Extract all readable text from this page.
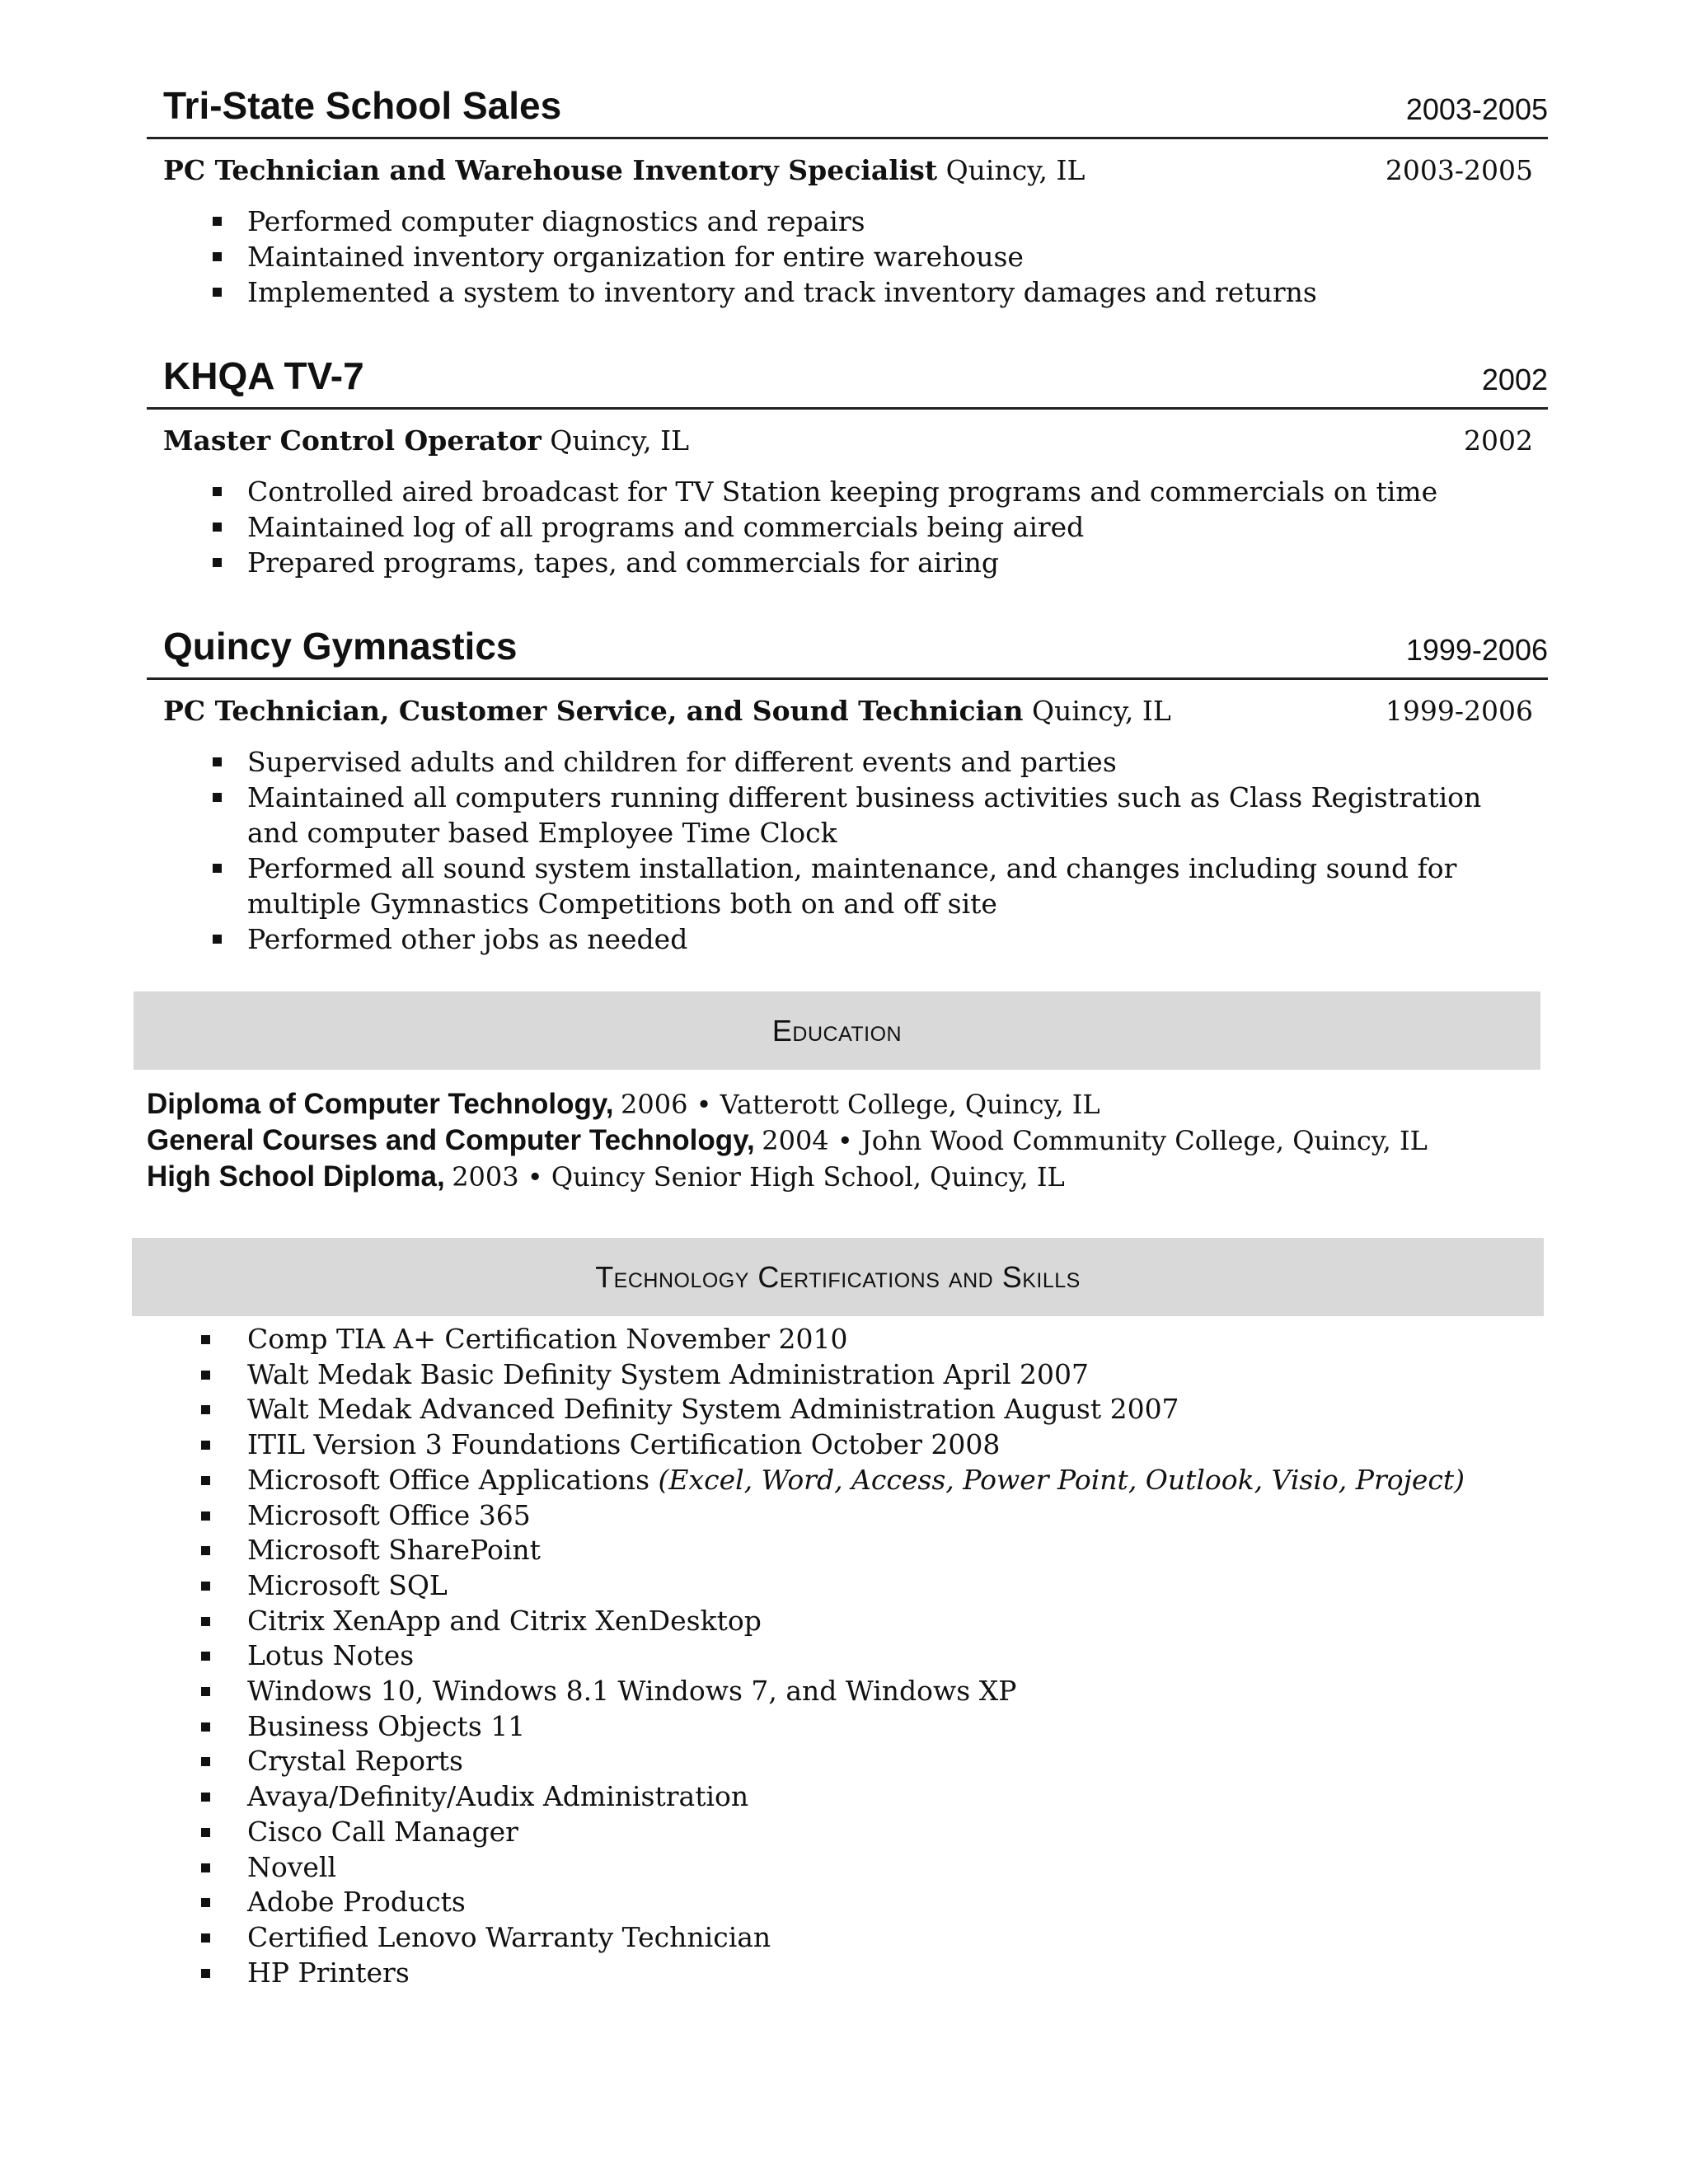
Tri-State School Sales	2003-2005
PC Technician and Warehouse Inventory Specialist Quincy, IL	2003-2005
Performed computer diagnostics and repairs
Maintained inventory organization for entire warehouse
Implemented a system to inventory and track inventory damages and returns
KHQA TV-7	2002
Master Control Operator Quincy, IL	2002
Controlled aired broadcast for TV Station keeping programs and commercials on time
Maintained log of all programs and commercials being aired
Prepared programs, tapes, and commercials for airing
Quincy Gymnastics	1999-2006
PC Technician, Customer Service, and Sound Technician Quincy, IL	1999-2006
Supervised adults and children for different events and parties
Maintained all computers running different business activities such as Class Registration and computer based Employee Time Clock
Performed all sound system installation, maintenance, and changes including sound for multiple Gymnastics Competitions both on and off site
Performed other jobs as needed
Education
Diploma of Computer Technology, 2006 • Vatterott College, Quincy, IL
General Courses and Computer Technology, 2004 • John Wood Community College, Quincy, IL
High School Diploma, 2003 • Quincy Senior High School, Quincy, IL
Technology Certifications and Skills
Comp TIA A+ Certification November 2010
Walt Medak Basic Definity System Administration April 2007
Walt Medak Advanced Definity System Administration August 2007
ITIL Version 3 Foundations Certification October 2008
Microsoft Office Applications (Excel, Word, Access, Power Point, Outlook, Visio, Project)
Microsoft Office 365
Microsoft SharePoint
Microsoft SQL
Citrix XenApp and Citrix XenDesktop
Lotus Notes
Windows 10, Windows 8.1 Windows 7, and Windows XP
Business Objects 11
Crystal Reports
Avaya/Definity/Audix Administration
Cisco Call Manager
Novell
Adobe Products
Certified Lenovo Warranty Technician
HP Printers
